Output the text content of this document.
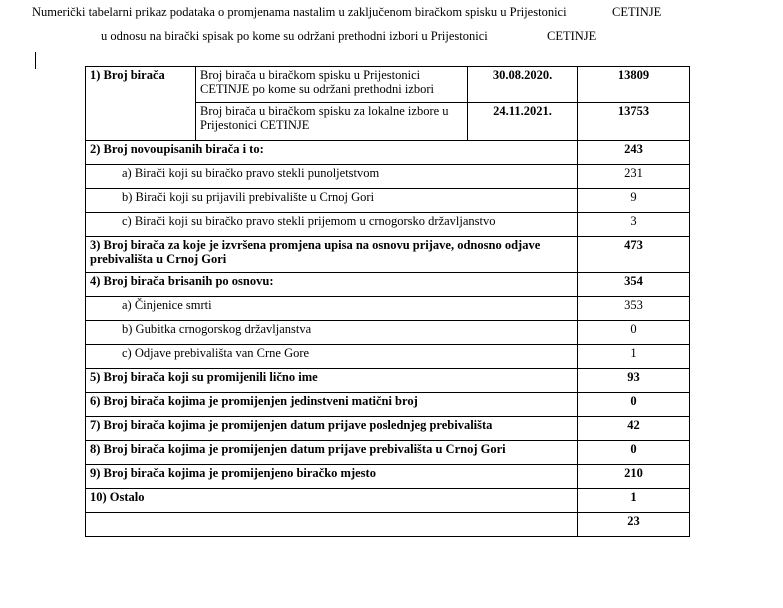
Numerički tabelarni prikaz podataka o promjenama nastalim u zaključenom biračkom spisku u Prijestonici	CETINJE
u odnosu na birački spisak po kome su održani prethodni izbori u Prijestonici	CETINJE
1) Broj birača	Broj birača u biračkom spisku u Prijestonici CETINJE po kome su održani prethodni izbori	30.08.2020.	13809
	Broj birača u biračkom spisku za lokalne izbore u Prijestonici CETINJE	24.11.2021.	13753
2) Broj novoupisanih birača i to:			243
a) Birači koji su biračko pravo stekli punoljetstvom			231
b) Birači koji su prijavili prebivalište u Crnoj Gori			9
c) Birači koji su biračko pravo stekli prijemom u crnogorsko državljanstvo			3
3) Broj birača za koje je izvršena promjena upisa na osnovu prijave, odnosno odjave prebivališta u Crnoj Gori			473
4) Broj birača brisanih po osnovu:			354
a) Činjenice smrti			353
b) Gubitka crnogorskog državljanstva			0
c) Odjave prebivališta van Crne Gore			1
5) Broj birača koji su promijenili lično ime			93
6) Broj birača kojima je promijenjen jedinstveni matični broj			0
7) Broj birača kojima je promijenjen datum prijave poslednjeg prebivališta			42
8) Broj birača kojima je promijenjen datum prijave prebivališta u Crnoj Gori			0
9) Broj birača kojima je promijenjeno biračko mjesto			210
10) Ostalo			1
			23
